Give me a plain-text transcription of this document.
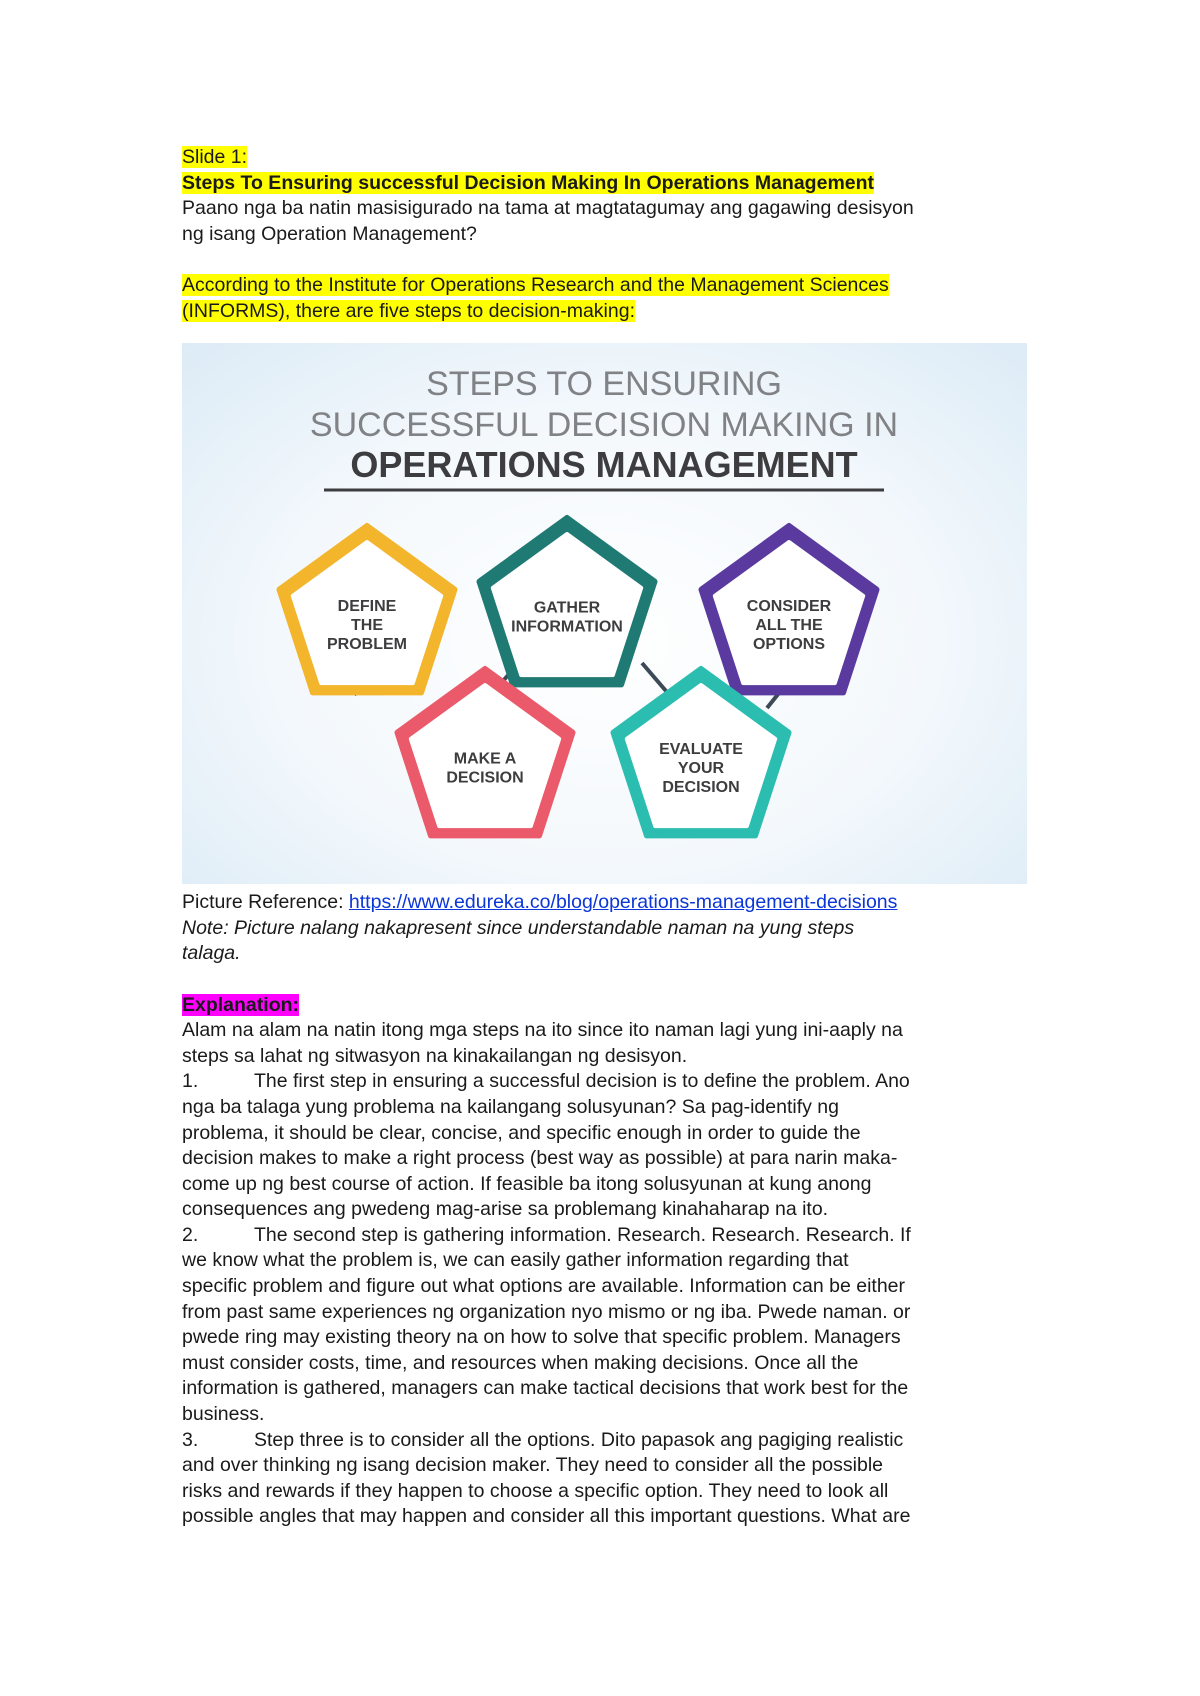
Slide 1:
Steps To Ensuring successful Decision Making In Operations Management
Paano nga ba natin masisigurado na tama at magtatagumay ang gagawing desisyon
ng isang Operation Management?
According to the Institute for Operations Research and the Management Sciences
(INFORMS), there are five steps to decision-making:
STEPS TO ENSURING
SUCCESSFUL DECISION MAKING IN
OPERATIONS MANAGEMENT
DEFINE
THE
PROBLEM
GATHER
INFORMATION
CONSIDER
ALL THE
OPTIONS
MAKE A
DECISION
EVALUATE
YOUR
DECISION
Picture Reference: https://www.edureka.co/blog/operations-management-decisions
Note: Picture nalang nakapresent since understandable naman na yung steps
talaga.
Explanation:
Alam na alam na natin itong mga steps na ito since ito naman lagi yung ini-aaply na
steps sa lahat ng sitwasyon na kinakailangan ng desisyon.
1.	The first step in ensuring a successful decision is to define the problem. Ano
nga ba talaga yung problema na kailangang solusyunan? Sa pag-identify ng
problema, it should be clear, concise, and specific enough in order to guide the
decision makes to make a right process (best way as possible) at para narin maka-
come up ng best course of action. If feasible ba itong solusyunan at kung anong
consequences ang pwedeng mag-arise sa problemang kinahaharap na ito.
2.	The second step is gathering information. Research. Research. Research. If
we know what the problem is, we can easily gather information regarding that
specific problem and figure out what options are available. Information can be either
from past same experiences ng organization nyo mismo or ng iba. Pwede naman. or
pwede ring may existing theory na on how to solve that specific problem. Managers
must consider costs, time, and resources when making decisions. Once all the
information is gathered, managers can make tactical decisions that work best for the
business.
3.	Step three is to consider all the options. Dito papasok ang pagiging realistic
and over thinking ng isang decision maker. They need to consider all the possible
risks and rewards if they happen to choose a specific option. They need to look all
possible angles that may happen and consider all this important questions. What are
